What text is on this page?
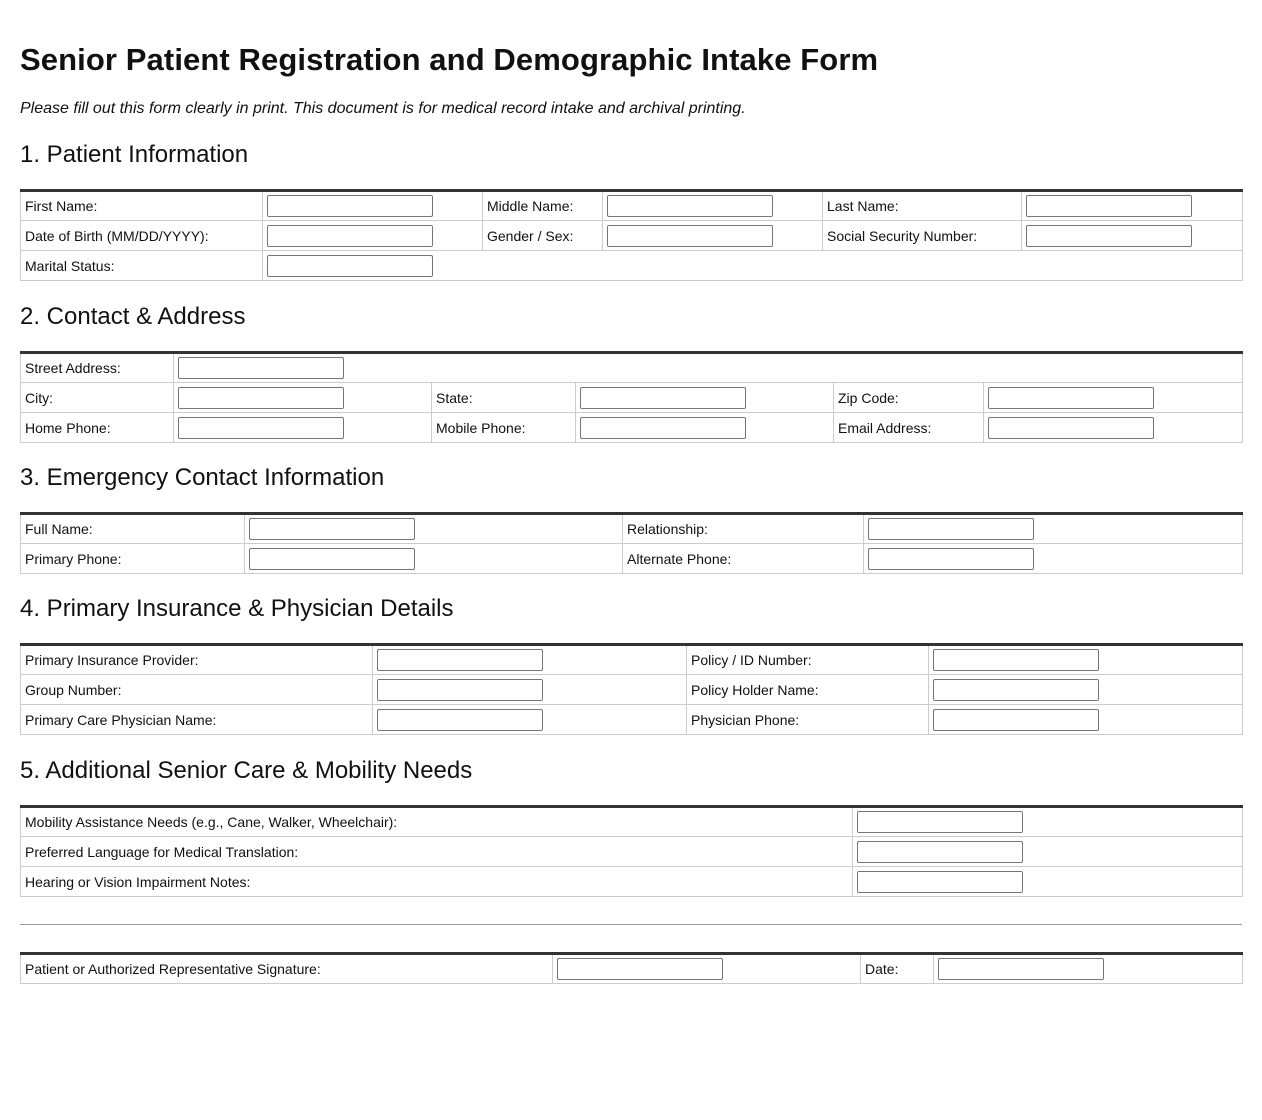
Senior Patient Registration and Demographic Intake Form

Please fill out this form clearly in print. This document is for medical record intake and archival printing.

1. Patient Information
First Name:		Middle Name:		Last Name:	

Date of Birth (MM/DD/YYYY):		Gender / Sex:		Social Security Number:	

Marital Status:	
2. Contact & Address
Street Address:	

City:		State:		Zip Code:	

Home Phone:		Mobile Phone:		Email Address:	
3. Emergency Contact Information
Full Name:		Relationship:	

Primary Phone:		Alternate Phone:	
4. Primary Insurance & Physician Details
Primary Insurance Provider:		Policy / ID Number:	

Group Number:		Policy Holder Name:	

Primary Care Physician Name:		Physician Phone:	
5. Additional Senior Care & Mobility Needs
Mobility Assistance Needs (e.g., Cane, Walker, Wheelchair):	

Preferred Language for Medical Translation:	

Hearing or Vision Impairment Notes:	
Patient or Authorized Representative Signature:		Date:	
